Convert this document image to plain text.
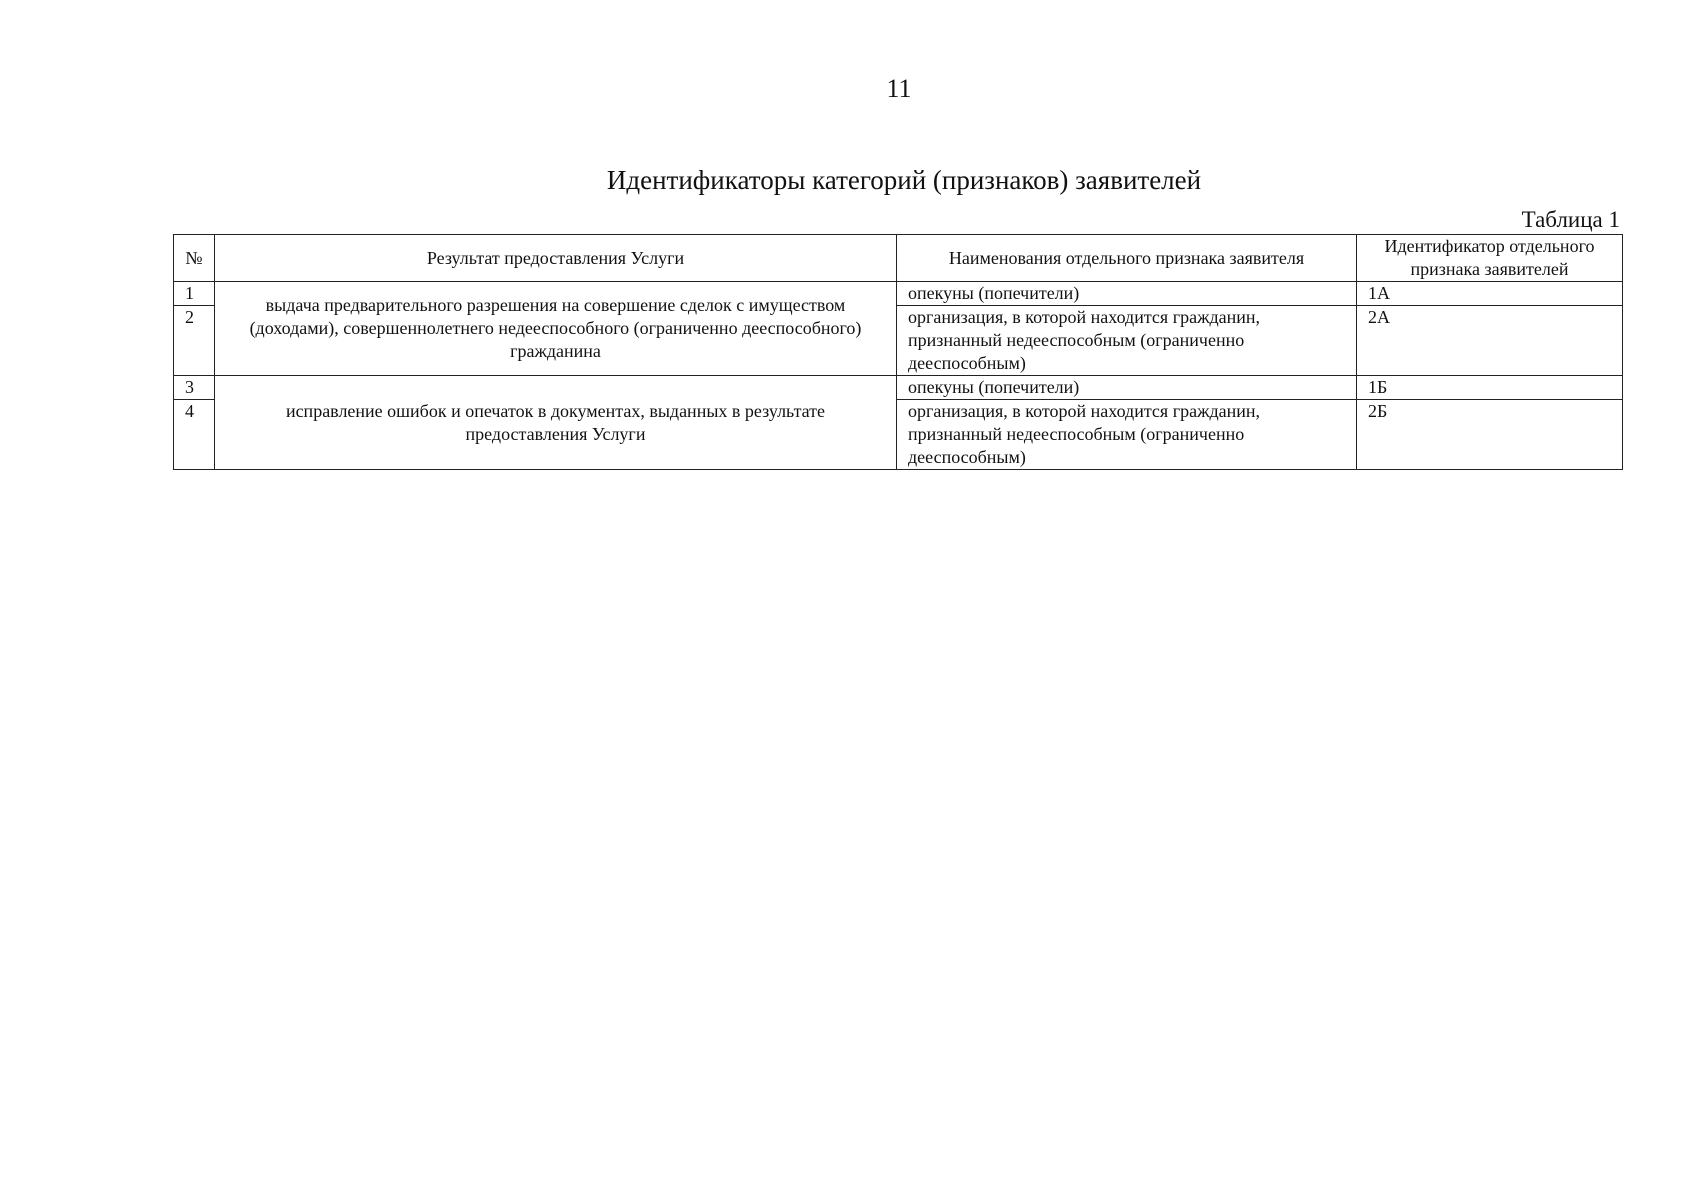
11
Идентификаторы категорий (признаков) заявителей
Таблица 1
№	Результат предоставления Услуги	Наименования отдельного признака заявителя	Идентификатор отдельного признака заявителей
1	выдача предварительного разрешения на совершение сделок с имуществом (доходами), совершеннолетнего недееспособного (ограниченно дееспособного) гражданина	опекуны (попечители)	1А
2		организация, в которой находится гражданин, признанный недееспособным (ограниченно дееспособным)	2А
3	исправление ошибок и опечаток в документах, выданных в результате предоставления Услуги	опекуны (попечители)	1Б
4		организация, в которой находится гражданин, признанный недееспособным (ограниченно дееспособным)	2Б
